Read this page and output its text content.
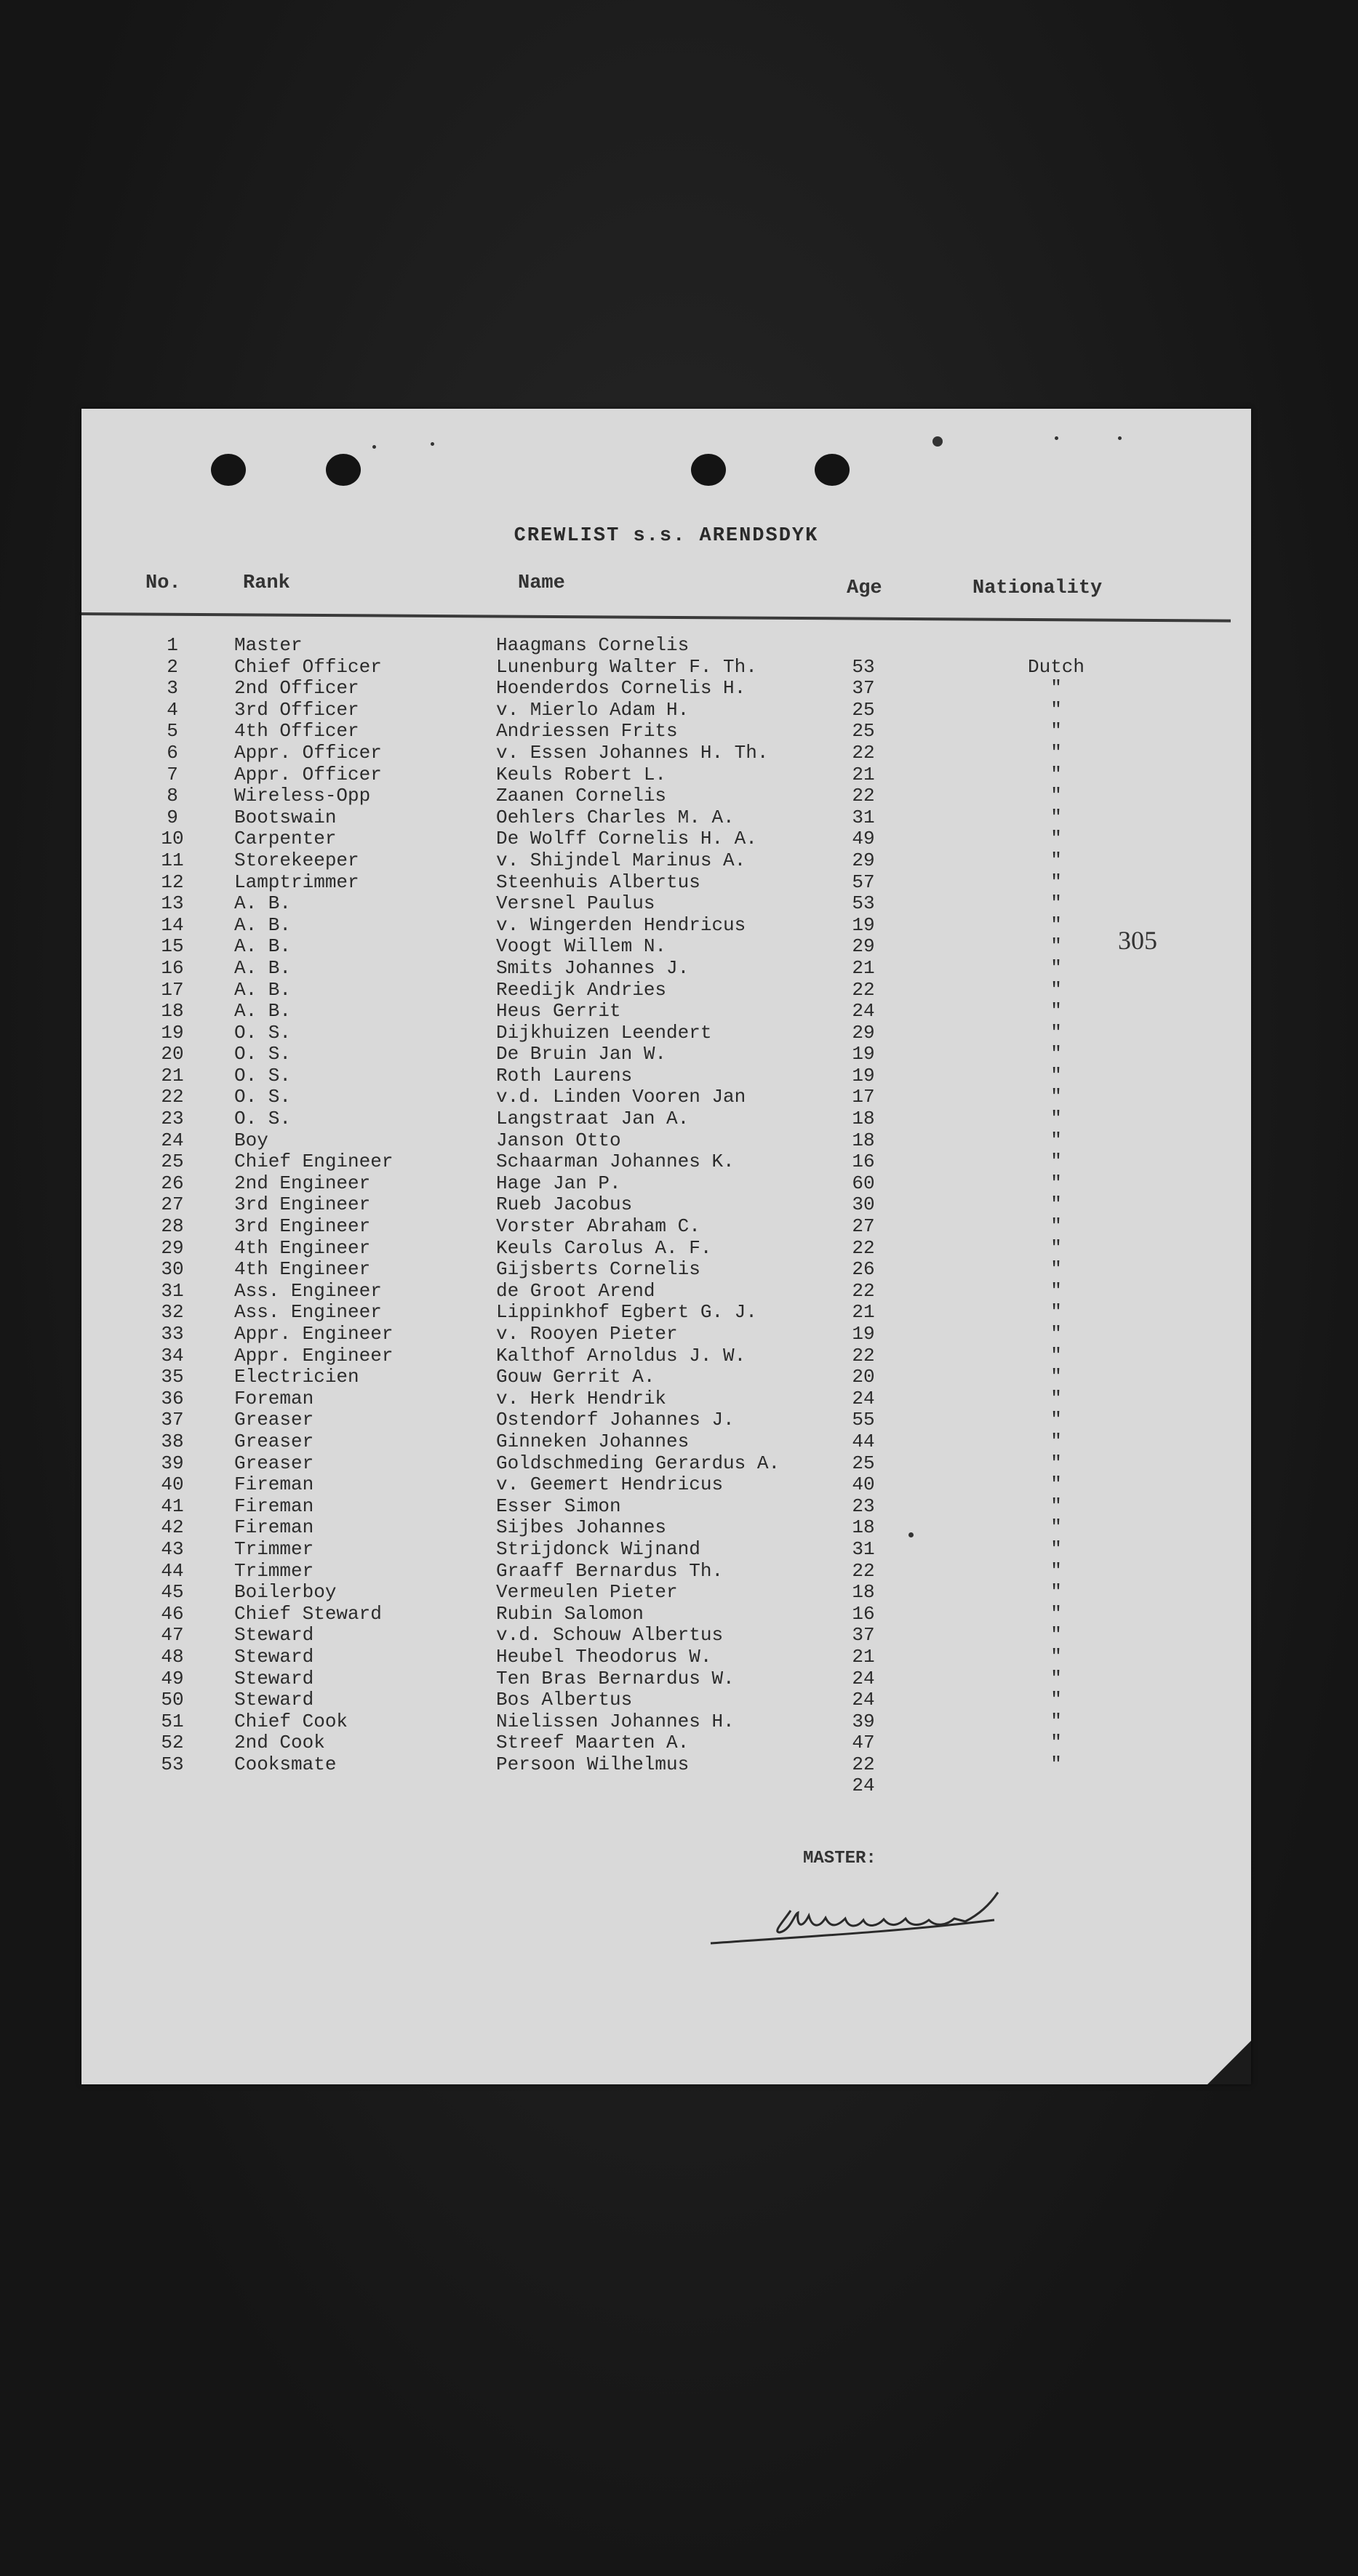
CREWLIST s.s. ARENDSDYK
No.	Rank	Name	Age	Nationality
305
1	Master	Haagmans Cornelis
2	Chief Officer	Lunenburg Walter F. Th.	53	Dutch
3	2nd Officer	Hoenderdos Cornelis H.	37	"
4	3rd Officer	v. Mierlo Adam H.	25	"
5	4th Officer	Andriessen Frits	25	"
6	Appr. Officer	v. Essen Johannes H. Th.	22	"
7	Appr. Officer	Keuls Robert L.	21	"
8	Wireless-Opp	Zaanen Cornelis	22	"
9	Bootswain	Oehlers Charles M. A.	31	"
10	Carpenter	De Wolff Cornelis H. A.	49	"
11	Storekeeper	v. Shijndel Marinus A.	29	"
12	Lamptrimmer	Steenhuis Albertus	57	"
13	A. B.	Versnel Paulus	53	"
14	A. B.	v. Wingerden Hendricus	19	"
15	A. B.	Voogt Willem N.	29	"
16	A. B.	Smits Johannes J.	21	"
17	A. B.	Reedijk Andries	22	"
18	A. B.	Heus Gerrit	24	"
19	O. S.	Dijkhuizen Leendert	29	"
20	O. S.	De Bruin Jan W.	19	"
21	O. S.	Roth Laurens	19	"
22	O. S.	v.d. Linden Vooren Jan	17	"
23	O. S.	Langstraat Jan A.	18	"
24	Boy	Janson Otto	18	"
25	Chief Engineer	Schaarman Johannes K.	16	"
26	2nd Engineer	Hage Jan P.	60	"
27	3rd Engineer	Rueb Jacobus	30	"
28	3rd Engineer	Vorster Abraham C.	27	"
29	4th Engineer	Keuls Carolus A. F.	22	"
30	4th Engineer	Gijsberts Cornelis	26	"
31	Ass. Engineer	de Groot Arend	22	"
32	Ass. Engineer	Lippinkhof Egbert G. J.	21	"
33	Appr. Engineer	v. Rooyen Pieter	19	"
34	Appr. Engineer	Kalthof Arnoldus J. W.	22	"
35	Electricien	Gouw Gerrit A.	20	"
36	Foreman	v. Herk Hendrik	24	"
37	Greaser	Ostendorf Johannes J.	55	"
38	Greaser	Ginneken Johannes	44	"
39	Greaser	Goldschmeding Gerardus A.	25	"
40	Fireman	v. Geemert Hendricus	40	"
41	Fireman	Esser Simon	23	"
42	Fireman	Sijbes Johannes	18	"
43	Trimmer	Strijdonck Wijnand	31	"
44	Trimmer	Graaff Bernardus Th.	22	"
45	Boilerboy	Vermeulen Pieter	18	"
46	Chief Steward	Rubin Salomon	16	"
47	Steward	v.d. Schouw Albertus	37	"
48	Steward	Heubel Theodorus W.	21	"
49	Steward	Ten Bras Bernardus W.	24	"
50	Steward	Bos Albertus	24	"
51	Chief Cook	Nielissen Johannes H.	39	"
52	2nd Cook	Streef Maarten A.	47	"
53	Cooksmate	Persoon Wilhelmus	22	"
24
MASTER:
